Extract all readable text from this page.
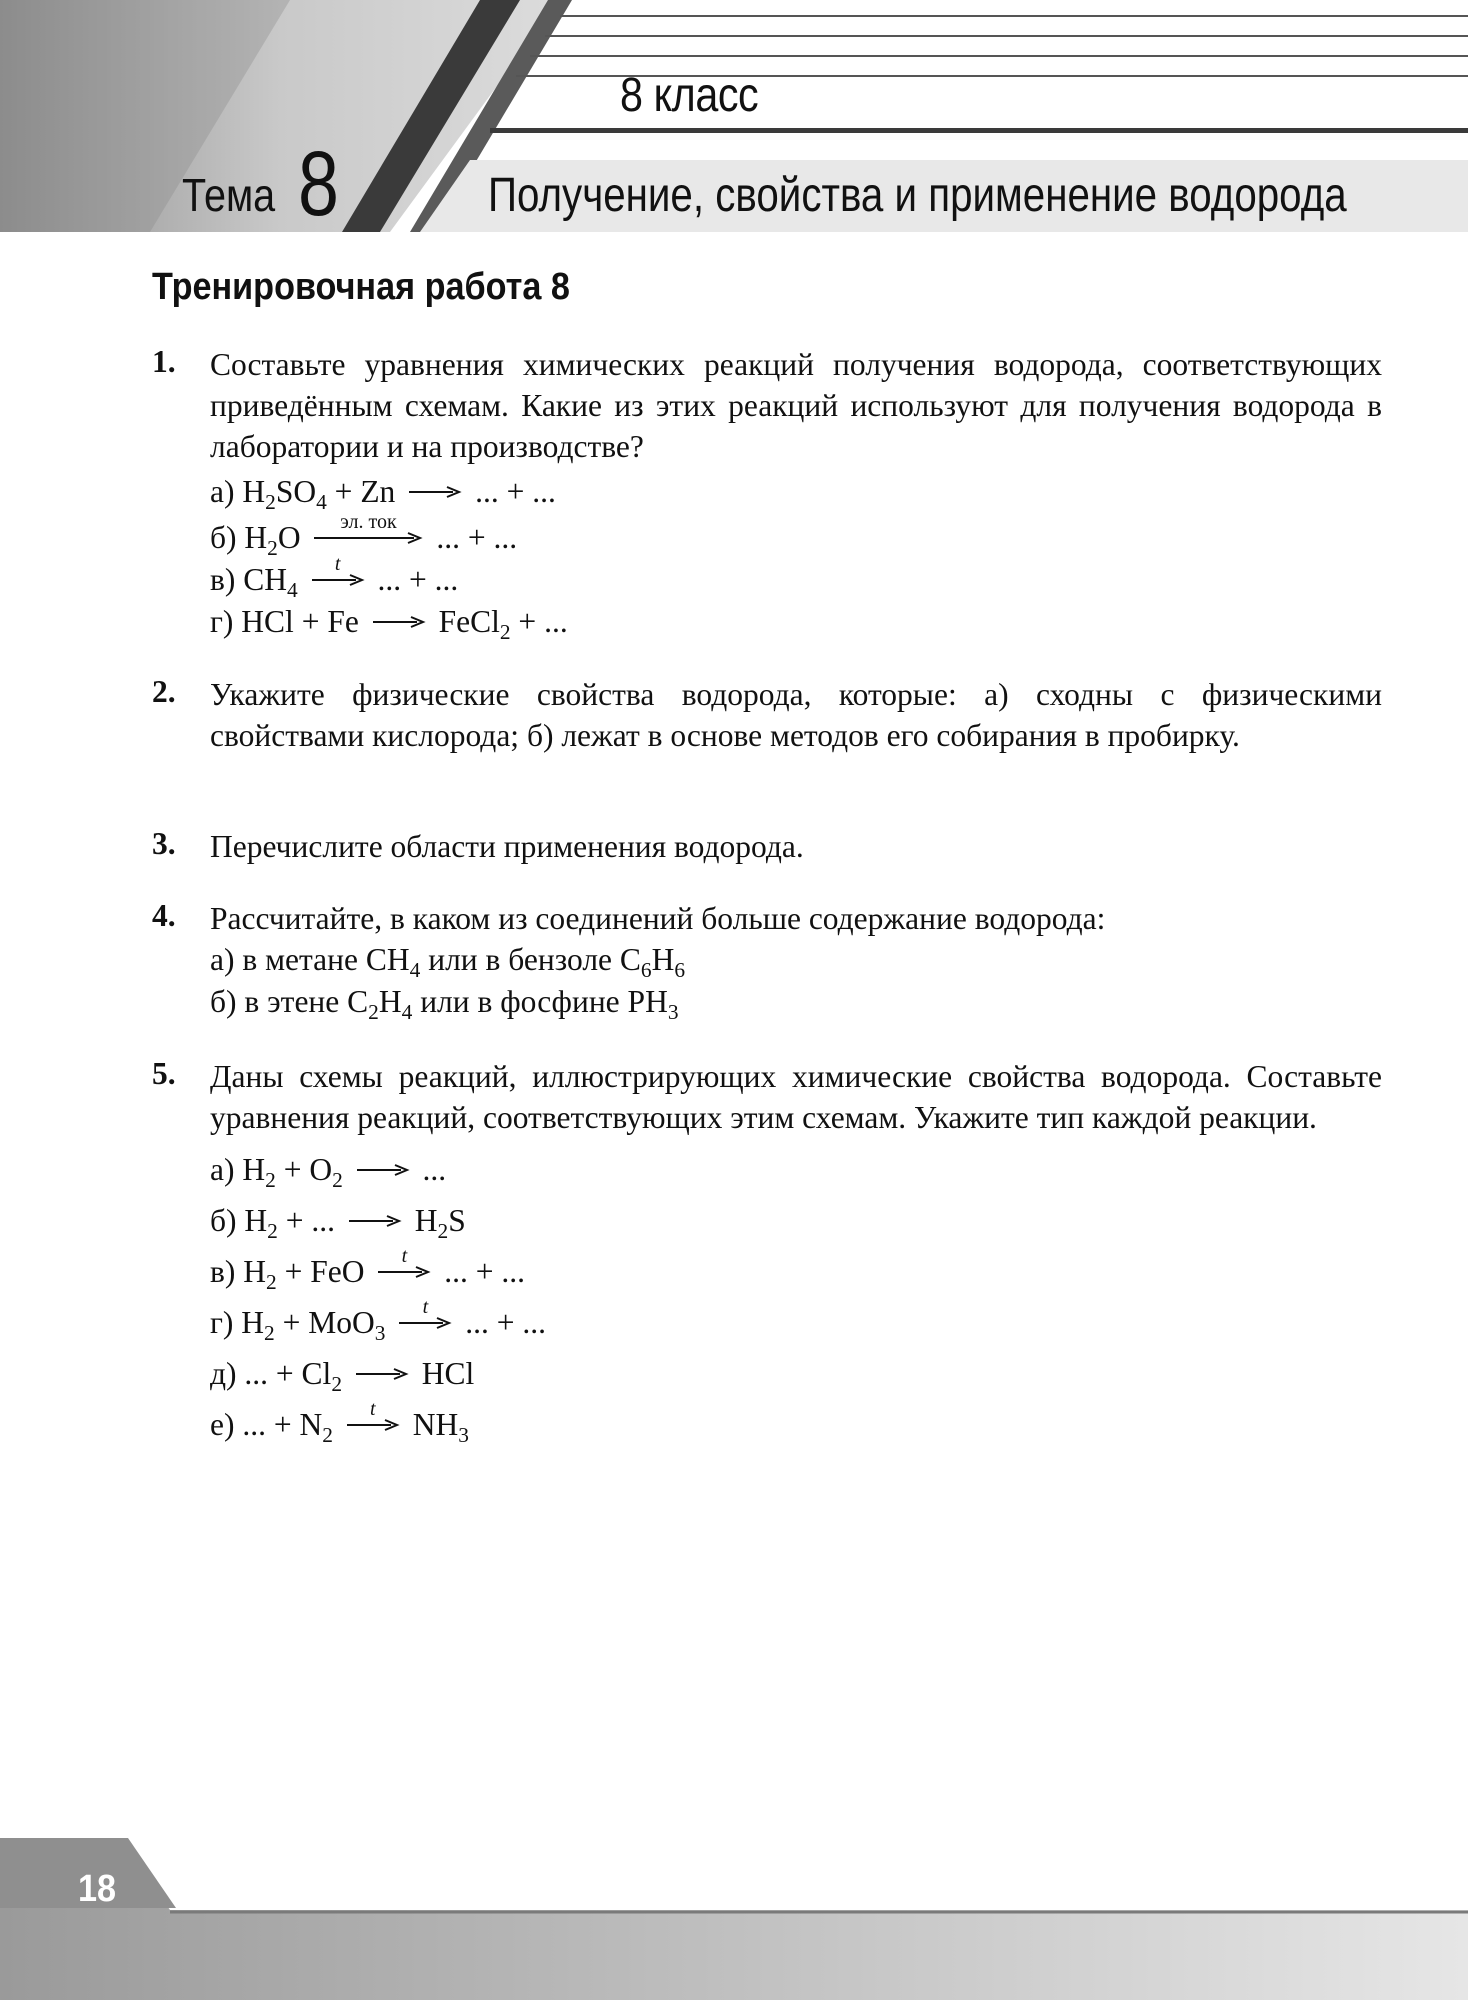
8 класс
Тема 8	Получение, свойства и применение водорода
Тренировочная работа 8
1. Составьте уравнения химических реакций получения водорода, соответствующих приведённым схемам. Какие из этих реакций используют для получения водорода в лаборатории и на производстве?
а) $H_2SO_4 + Zn$ → ... + ...
б) $H_2O$	эл. ток	... + ...
в) $CH_4$
t	... + ...
г) HCl + Fe → FeCl$_2$ + ...
2. Укажите физические свойства водорода, которые: а) сходны с физическими свойствами кислорода; б) лежат в основе методов его собирания в пробирку.
3. Перечислите области применения водорода.
4. Рассчитайте, в каком из соединений больше содержание водорода:
а) в метане $CH_4$ или в бензоле $C_6H_6$
б) в этене $C_2H_4$ или в фосфине $PH_3$
5. Даны схемы реакций, иллюстрирующих химические свойства водорода. Составьте уравнения реакций, соответствующих этим схемам. Укажите тип каждой реакции.
а) $H_2 + O_2$ → ...
б) $H_2$ + ... → $H_2S$
в) $H_2$ + FeO	t	... + ...
г) $H_2 + MoO_3$
t	... + ...
д) ... + $Cl_2$ → HCl
е) ... + $N_2$
t	$NH_3$
18
